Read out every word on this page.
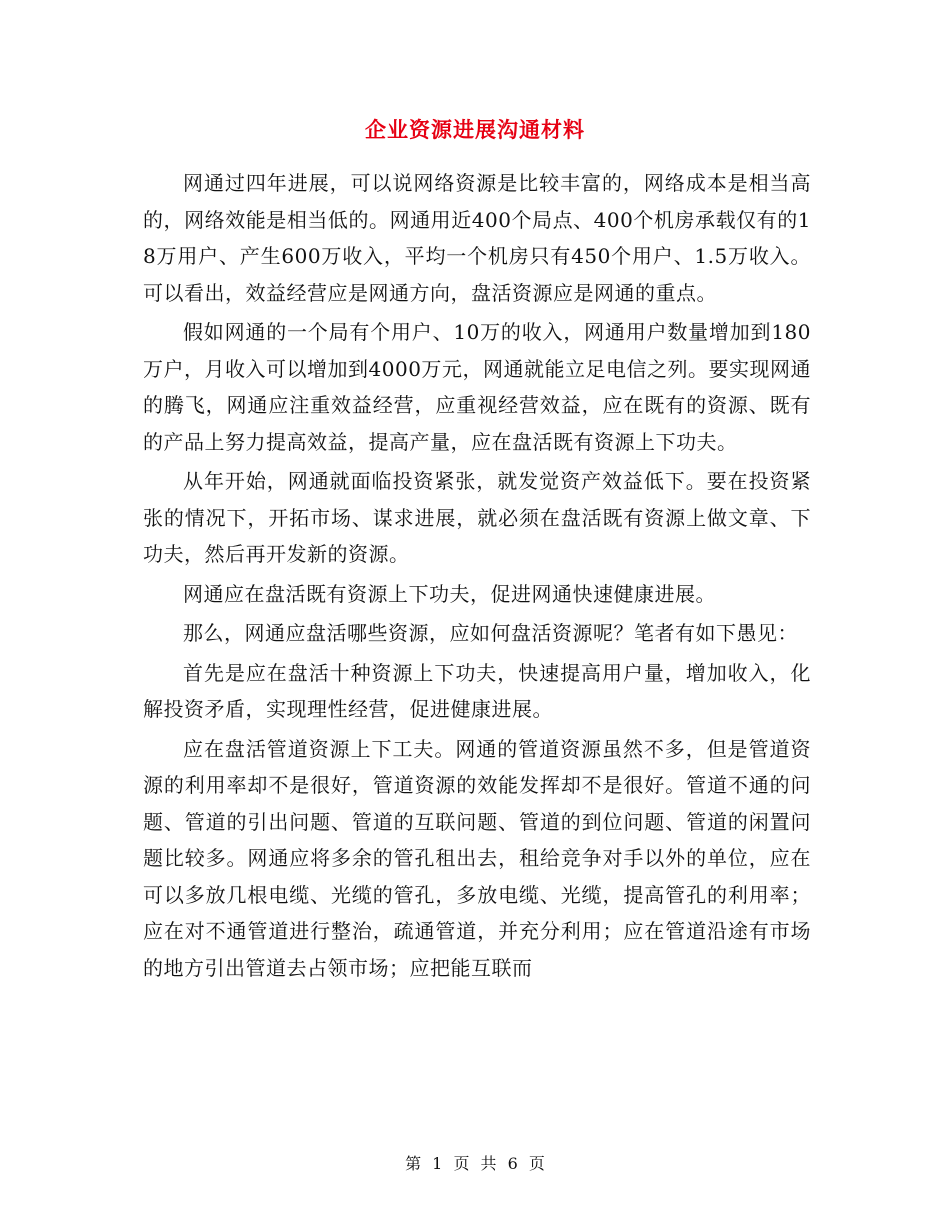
企业资源进展沟通材料

网通过四年进展，可以说网络资源是比较丰富的，网络成本是相当高的，网络效能是相当低的。网通用近400个局点、400个机房承载仅有的18万用户、产生600万收入，平均一个机房只有450个用户、1.5万收入。可以看出，效益经营应是网通方向，盘活资源应是网通的重点。

假如网通的一个局有个用户、10万的收入，网通用户数量增加到180万户，月收入可以增加到4000万元，网通就能立足电信之列。要实现网通的腾飞，网通应注重效益经营，应重视经营效益，应在既有的资源、既有的产品上努力提高效益，提高产量，应在盘活既有资源上下功夫。

从年开始，网通就面临投资紧张，就发觉资产效益低下。要在投资紧张的情况下，开拓市场、谋求进展，就必须在盘活既有资源上做文章、下功夫，然后再开发新的资源。

网通应在盘活既有资源上下功夫，促进网通快速健康进展。

那么，网通应盘活哪些资源，应如何盘活资源呢？笔者有如下愚见：

首先是应在盘活十种资源上下功夫，快速提高用户量，增加收入，化解投资矛盾，实现理性经营，促进健康进展。

应在盘活管道资源上下工夫。网通的管道资源虽然不多，但是管道资源的利用率却不是很好，管道资源的效能发挥却不是很好。管道不通的问题、管道的引出问题、管道的互联问题、管道的到位问题、管道的闲置问题比较多。网通应将多余的管孔租出去，租给竞争对手以外的单位，应在可以多放几根电缆、光缆的管孔，多放电缆、光缆，提高管孔的利用率；应在对不通管道进行整治，疏通管道，并充分利用；应在管道沿途有市场的地方引出管道去占领市场；应把能互联而

第 1 页 共 6 页
